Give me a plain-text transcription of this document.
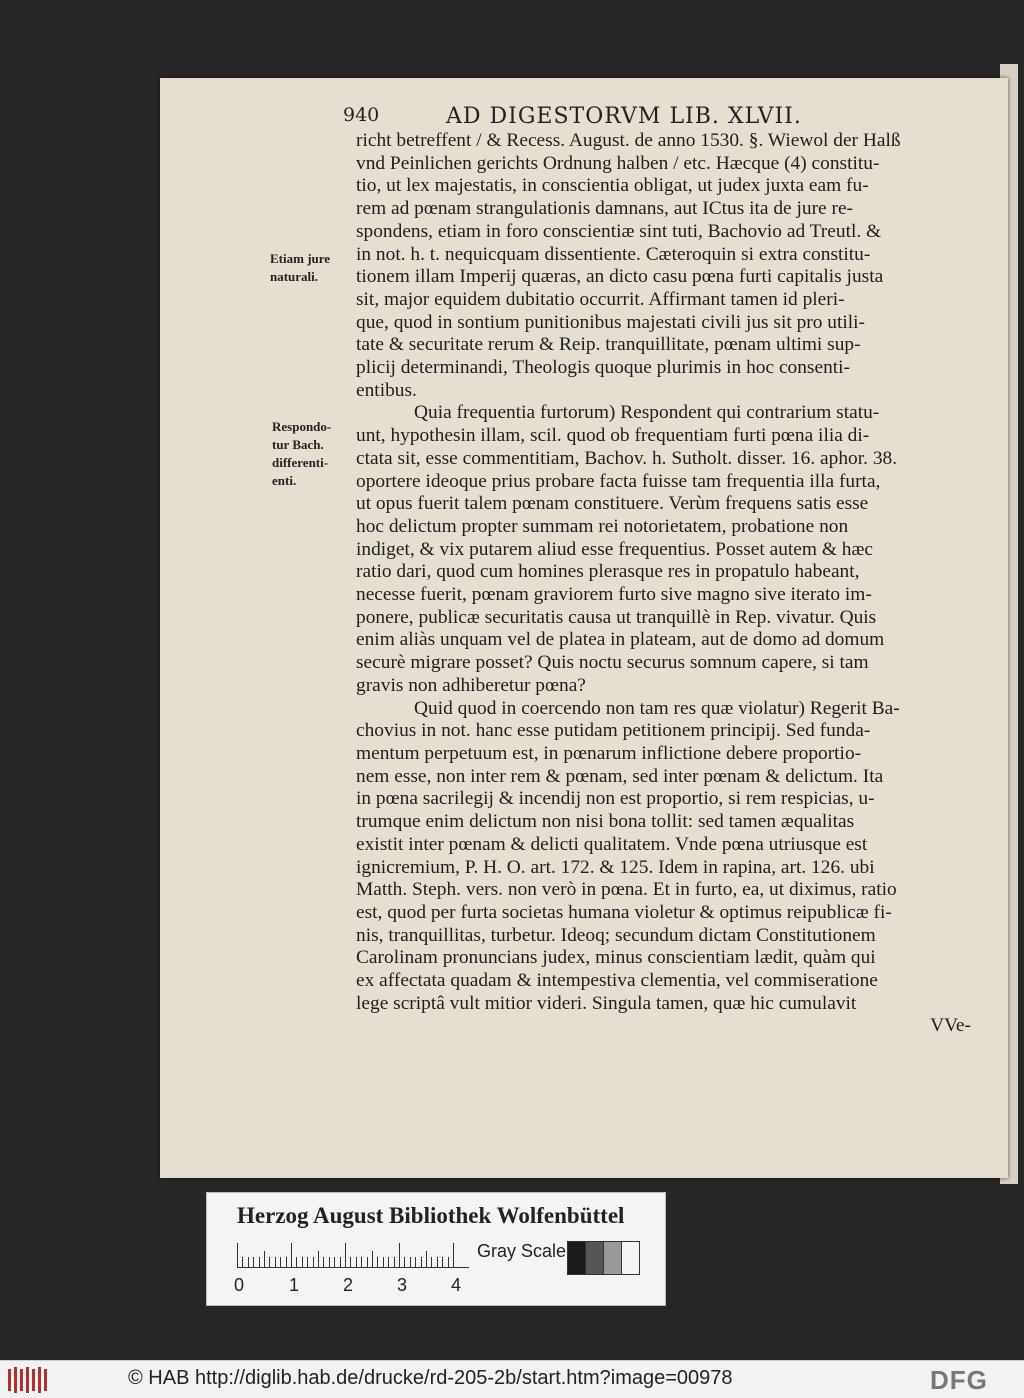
940	AD DIGESTORVM LIB. XLVII.
Etiam jure
naturali.
Respondo-
tur Bach.
differenti-
enti.
richt betreffent / & Recess. August. de anno 1530. §. Wiewol der Halß
vnd Peinlichen gerichts Ordnung halben / etc. Hæcque (4) constitu-
tio, ut lex majestatis, in conscientia obligat, ut judex juxta eam fu-
rem ad pœnam strangulationis damnans, aut ICtus ita de jure re-
spondens, etiam in foro conscientiæ sint tuti, Bachovio ad Treutl. &
in not. h. t. nequicquam dissentiente. Cæteroquin si extra constitu-
tionem illam Imperij quæras, an dicto casu pœna furti capitalis justa
sit, major equidem dubitatio occurrit. Affirmant tamen id pleri-
que, quod in sontium punitionibus majestati civili jus sit pro utili-
tate & securitate rerum & Reip. tranquillitate, pœnam ultimi sup-
plicij determinandi, Theologis quoque plurimis in hoc consenti-
entibus.
Quia frequentia furtorum) Respondent qui contrarium statu-
unt, hypothesin illam, scil. quod ob frequentiam furti pœna ilia di-
ctata sit, esse commentitiam, Bachov. h. Sutholt. disser. 16. aphor. 38.
oportere ideoque prius probare facta fuisse tam frequentia illa furta,
ut opus fuerit talem pœnam constituere. Verùm frequens satis esse
hoc delictum propter summam rei notorietatem, probatione non
indiget, & vix putarem aliud esse frequentius. Posset autem & hæc
ratio dari, quod cum homines plerasque res in propatulo habeant,
necesse fuerit, pœnam graviorem furto sive magno sive iterato im-
ponere, publicæ securitatis causa ut tranquillè in Rep. vivatur. Quis
enim aliàs unquam vel de platea in plateam, aut de domo ad domum
securè migrare posset? Quis noctu securus somnum capere, si tam
gravis non adhiberetur pœna?
Quid quod in coercendo non tam res quæ violatur) Regerit Ba-
chovius in not. hanc esse putidam petitionem principij. Sed funda-
mentum perpetuum est, in pœnarum inflictione debere proportio-
nem esse, non inter rem & pœnam, sed inter pœnam & delictum. Ita
in pœna sacrilegij & incendij non est proportio, si rem respicias, u-
trumque enim delictum non nisi bona tollit: sed tamen æqualitas
existit inter pœnam & delicti qualitatem. Vnde pœna utriusque est
ignicremium, P. H. O. art. 172. & 125. Idem in rapina, art. 126. ubi
Matth. Steph. vers. non verò in pœna. Et in furto, ea, ut diximus, ratio
est, quod per furta societas humana violetur & optimus reipublicæ fi-
nis, tranquillitas, turbetur. Ideoq; secundum dictam Constitutionem
Carolinam pronuncians judex, minus conscientiam lædit, quàm qui
ex affectata quadam & intempestiva clementia, vel commiseratione
lege scriptâ vult mitior videri. Singula tamen, quæ hic cumulavit
VVe-
Herzog August Bibliothek Wolfenbüttel
0 1 2 3 4
Gray Scale
© HAB http://diglib.hab.de/drucke/rd-205-2b/start.htm?image=00978	DFG
